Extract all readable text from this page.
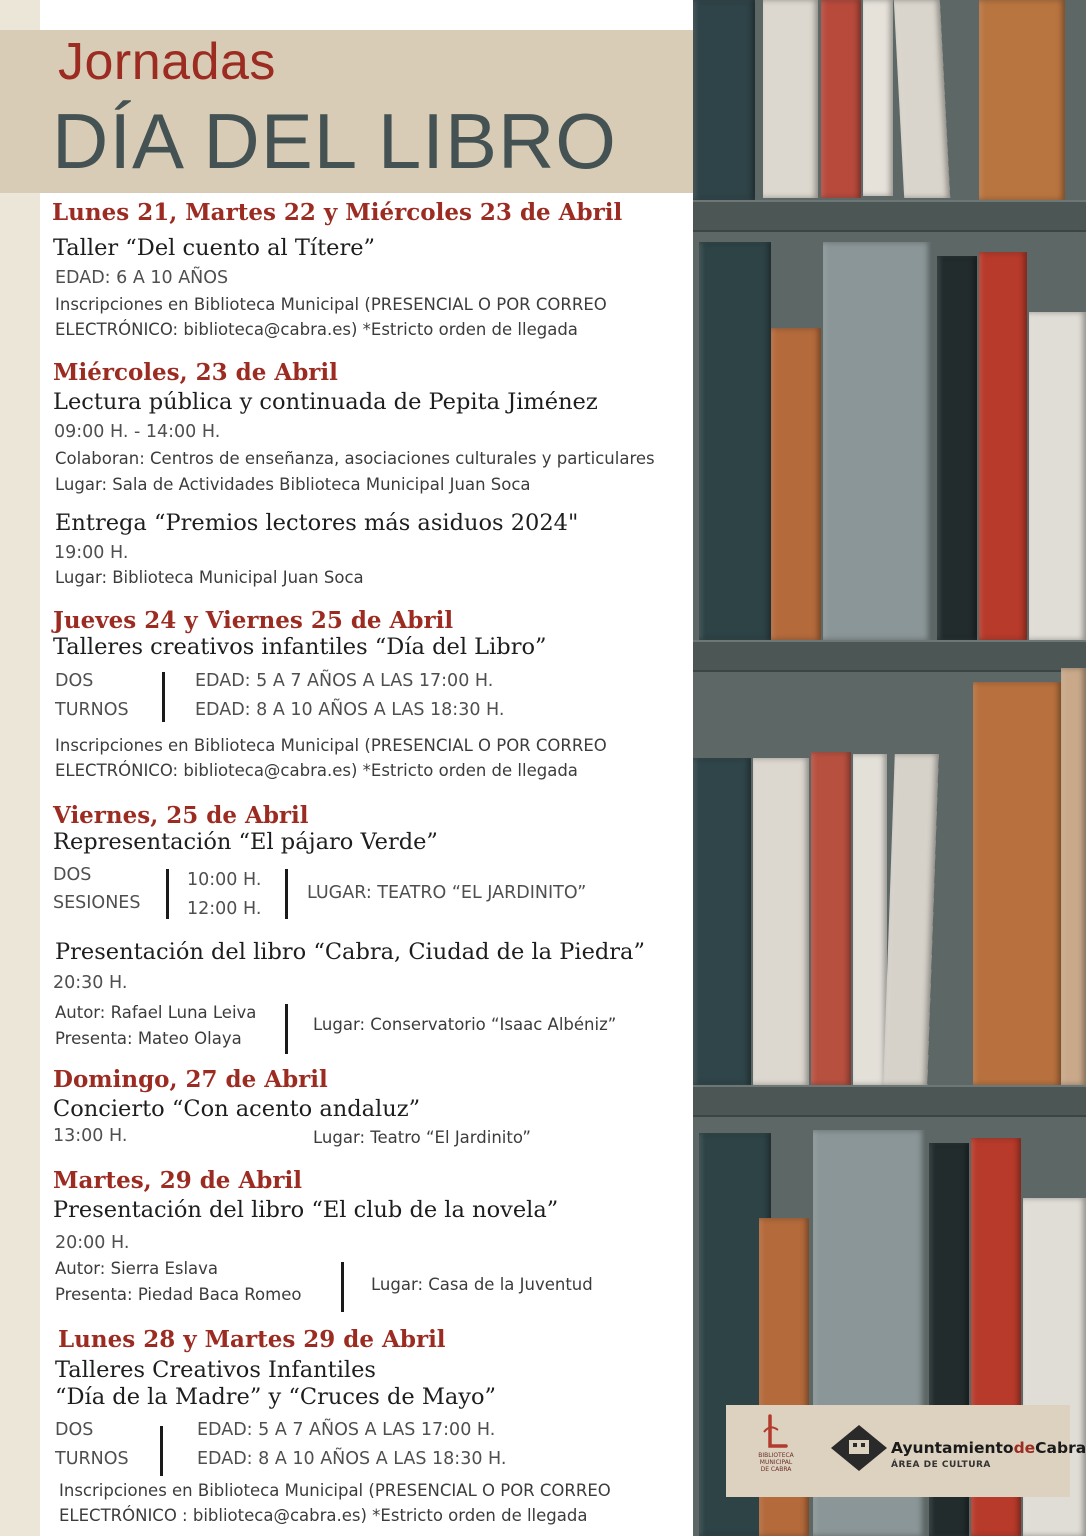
Jornadas
DÍA DEL LIBRO
Lunes 21, Martes 22 y Miércoles 23 de Abril
Taller “Del cuento al Títere”
EDAD: 6 A 10 AÑOS
Inscripciones en Biblioteca Municipal (PRESENCIAL O POR CORREO
ELECTRÓNICO: biblioteca@cabra.es) *Estricto orden de llegada
Miércoles, 23 de Abril
Lectura pública y continuada de Pepita Jiménez
09:00 H. - 14:00 H.
Colaboran: Centros de enseñanza, asociaciones culturales y particulares
Lugar: Sala de Actividades Biblioteca Municipal Juan Soca
Entrega “Premios lectores más asiduos 2024"
19:00 H.
Lugar: Biblioteca Municipal Juan Soca
Jueves 24 y Viernes 25 de Abril
Talleres creativos infantiles “Día del Libro”
DOS
TURNOS
EDAD: 5 A 7 AÑOS A LAS 17:00 H.
EDAD: 8 A 10 AÑOS A LAS 18:30 H.
Inscripciones en Biblioteca Municipal (PRESENCIAL O POR CORREO
ELECTRÓNICO: biblioteca@cabra.es) *Estricto orden de llegada
Viernes, 25 de Abril
Representación “El pájaro Verde”
DOS
SESIONES
10:00 H.
12:00 H.
LUGAR: TEATRO “EL JARDINITO”
Presentación del libro “Cabra, Ciudad de la Piedra”
20:30 H.
Autor: Rafael Luna Leiva
Presenta: Mateo Olaya
Lugar: Conservatorio “Isaac Albéniz”
Domingo, 27 de Abril
Concierto “Con acento andaluz”
13:00 H.	Lugar: Teatro “El Jardinito”
Martes, 29 de Abril
Presentación del libro “El club de la novela”
20:00 H.
Autor: Sierra Eslava
Presenta: Piedad Baca Romeo
Lugar: Casa de la Juventud
Lunes 28 y Martes 29 de Abril
Talleres Creativos Infantiles
“Día de la Madre” y “Cruces de Mayo”
DOS
TURNOS
EDAD: 5 A 7 AÑOS A LAS 17:00 H.
EDAD: 8 A 10 AÑOS A LAS 18:30 H.
Inscripciones en Biblioteca Municipal (PRESENCIAL O POR CORREO
ELECTRÓNICO : biblioteca@cabra.es) *Estricto orden de llegada
BIBLIOTECA
MUNICIPAL
DE CABRA
AyuntamientodeCabra
ÁREA DE CULTURA
